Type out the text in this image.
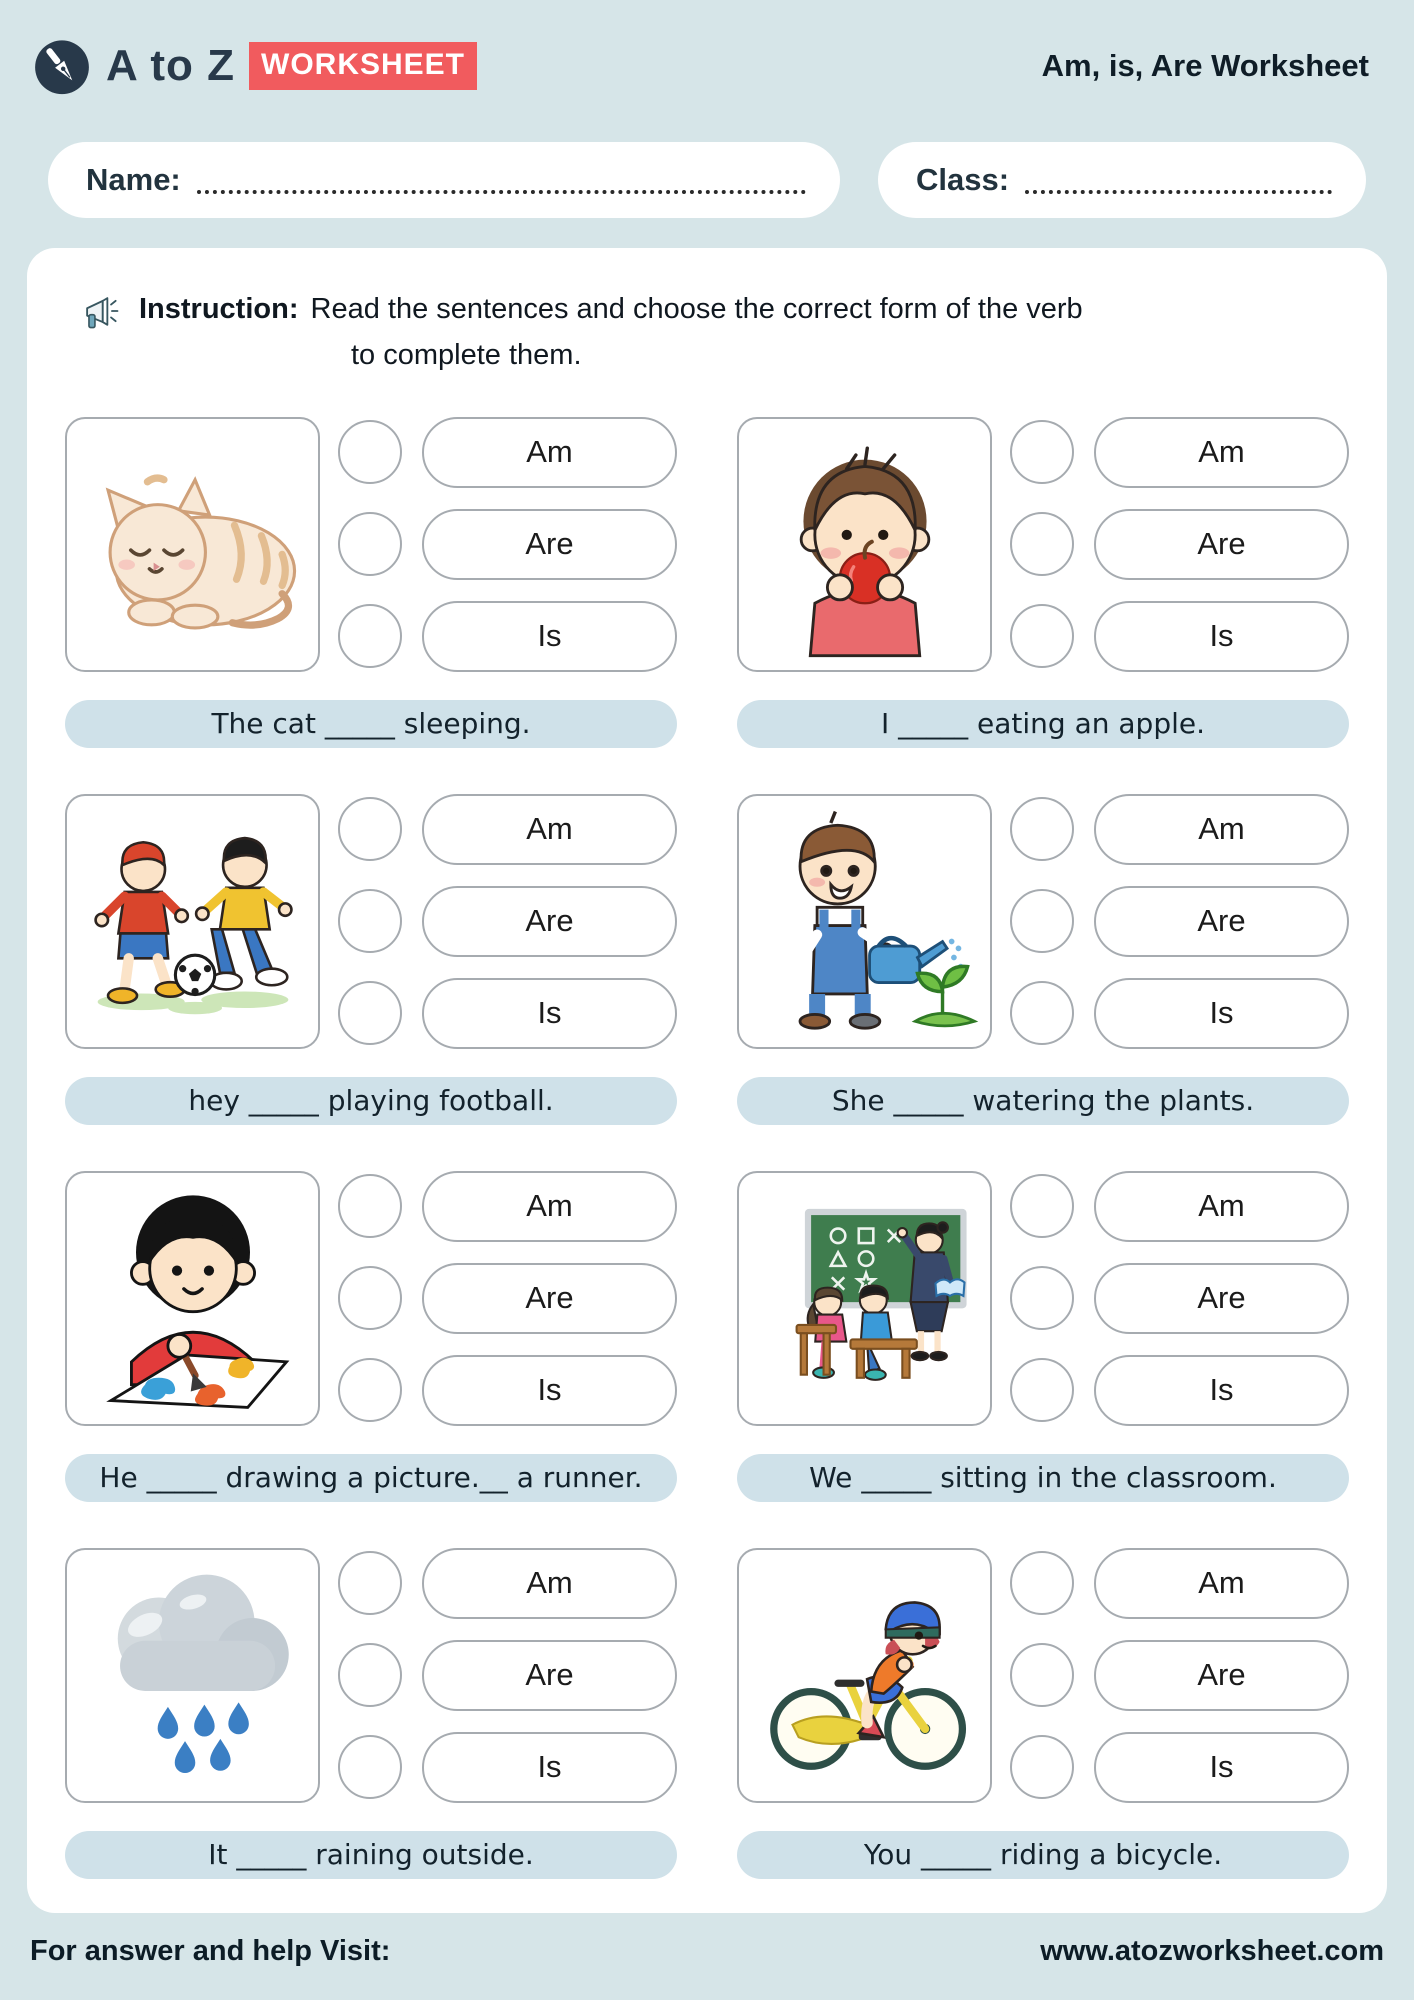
A to Z WORKSHEET	Am, is, Are Worksheet
Name:	Class:
Instruction: Read the sentences and choose the correct form of the verb
to complete them.
Am
Are
Is
The cat _____ sleeping.
Am
Are
Is
I _____ eating an apple.
Am
Are
Is
hey _____ playing football.
Am
Are
Is
She _____ watering the plants.
Am
Are
Is
He _____ drawing a picture.__ a runner.
Am
Are
Is
We _____ sitting in the classroom.
Am
Are
Is
It _____ raining outside.
Am
Are
Is
You _____ riding a bicycle.
For answer and help Visit:	www.atozworksheet.com
